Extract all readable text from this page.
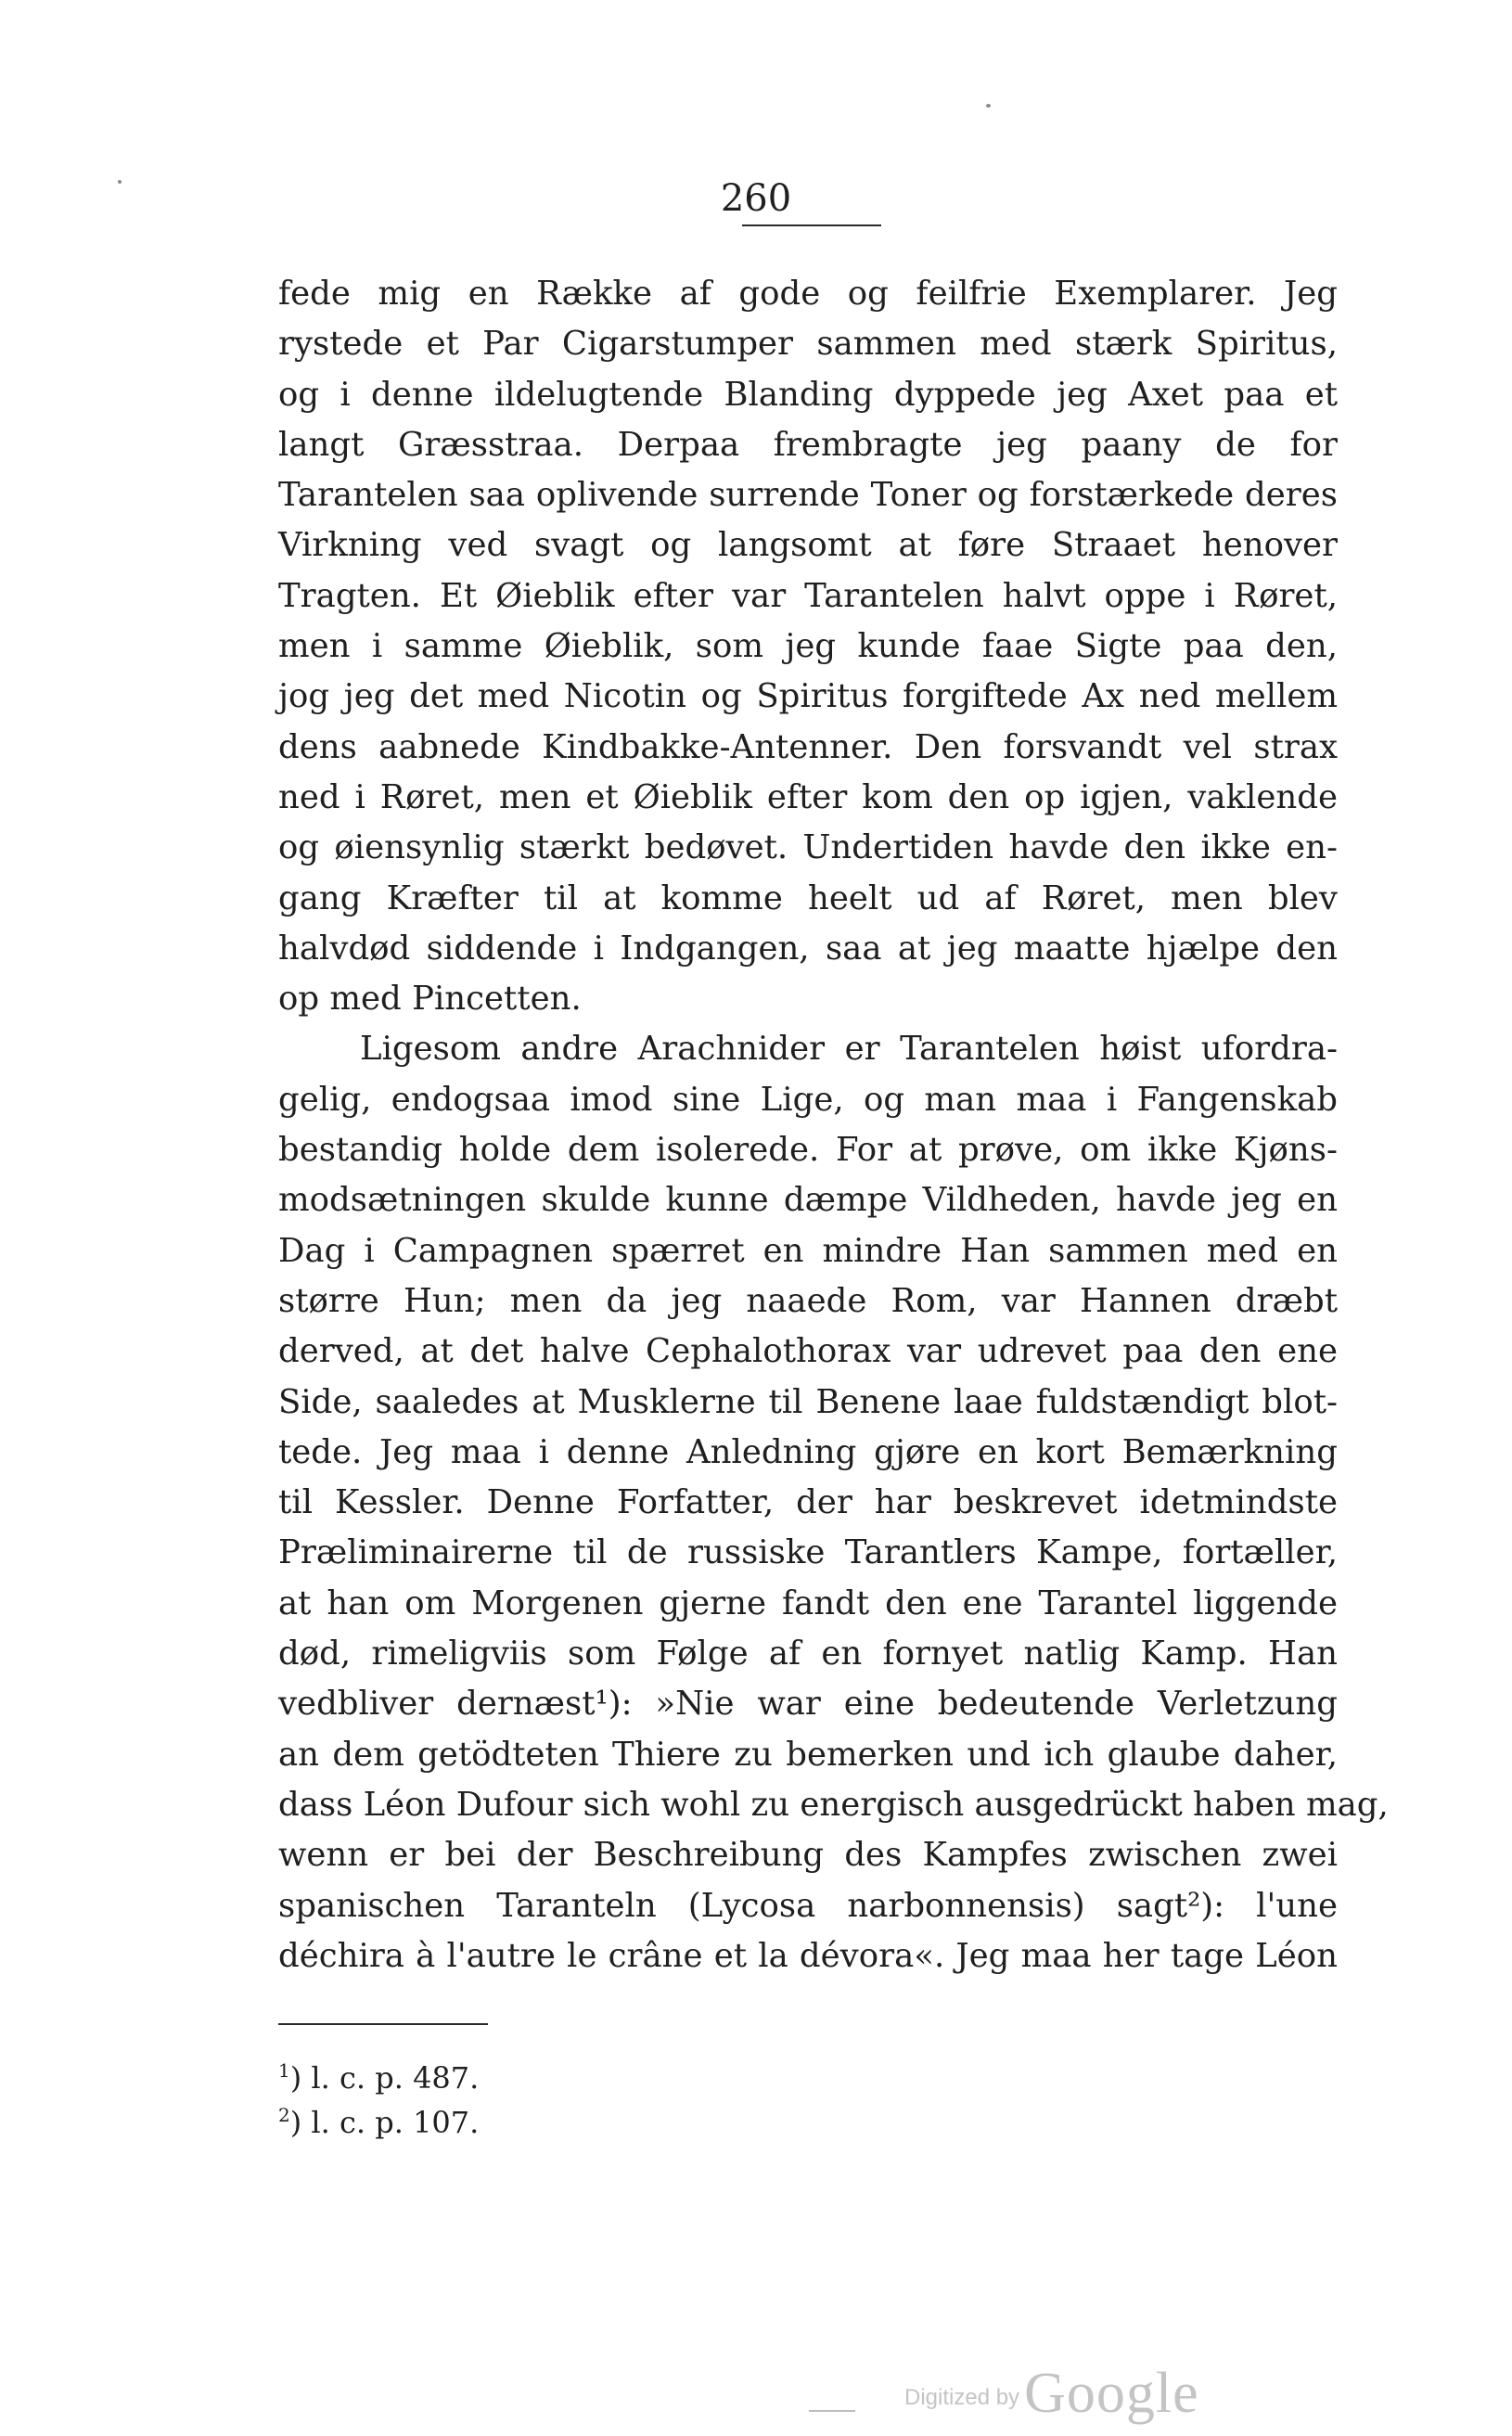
260
fede mig en Række af gode og feilfrie Exemplarer. Jeg
rystede et Par Cigarstumper sammen med stærk Spiritus,
og i denne ildelugtende Blanding dyppede jeg Axet paa et
langt Græsstraa. Derpaa frembragte jeg paany de for
Tarantelen saa oplivende surrende Toner og forstærkede deres
Virkning ved svagt og langsomt at føre Straaet henover
Tragten. Et Øieblik efter var Tarantelen halvt oppe i Røret,
men i samme Øieblik, som jeg kunde faae Sigte paa den,
jog jeg det med Nicotin og Spiritus forgiftede Ax ned mellem
dens aabnede Kindbakke-Antenner. Den forsvandt vel strax
ned i Røret, men et Øieblik efter kom den op igjen, vaklende
og øiensynlig stærkt bedøvet. Undertiden havde den ikke en-
gang Kræfter til at komme heelt ud af Røret, men blev
halvdød siddende i Indgangen, saa at jeg maatte hjælpe den
op med Pincetten.
Ligesom andre Arachnider er Tarantelen høist ufordra-
gelig, endogsaa imod sine Lige, og man maa i Fangenskab
bestandig holde dem isolerede. For at prøve, om ikke Kjøns-
modsætningen skulde kunne dæmpe Vildheden, havde jeg en
Dag i Campagnen spærret en mindre Han sammen med en
større Hun; men da jeg naaede Rom, var Hannen dræbt
derved, at det halve Cephalothorax var udrevet paa den ene
Side, saaledes at Musklerne til Benene laae fuldstændigt blot-
tede. Jeg maa i denne Anledning gjøre en kort Bemærkning
til Kessler. Denne Forfatter, der har beskrevet idetmindste
Præliminairerne til de russiske Tarantlers Kampe, fortæller,
at han om Morgenen gjerne fandt den ene Tarantel liggende
død, rimeligviis som Følge af en fornyet natlig Kamp. Han
vedbliver dernæst¹): »Nie war eine bedeutende Verletzung
an dem getödteten Thiere zu bemerken und ich glaube daher,
dass Léon Dufour sich wohl zu energisch ausgedrückt haben mag,
wenn er bei der Beschreibung des Kampfes zwischen zwei
spanischen Taranteln (Lycosa narbonnensis) sagt²): l'une
déchira à l'autre le crâne et la dévora«. Jeg maa her tage Léon
$^1$) l. c. p. 487.
$^2$) l. c. p. 107.
Digitized by Google
